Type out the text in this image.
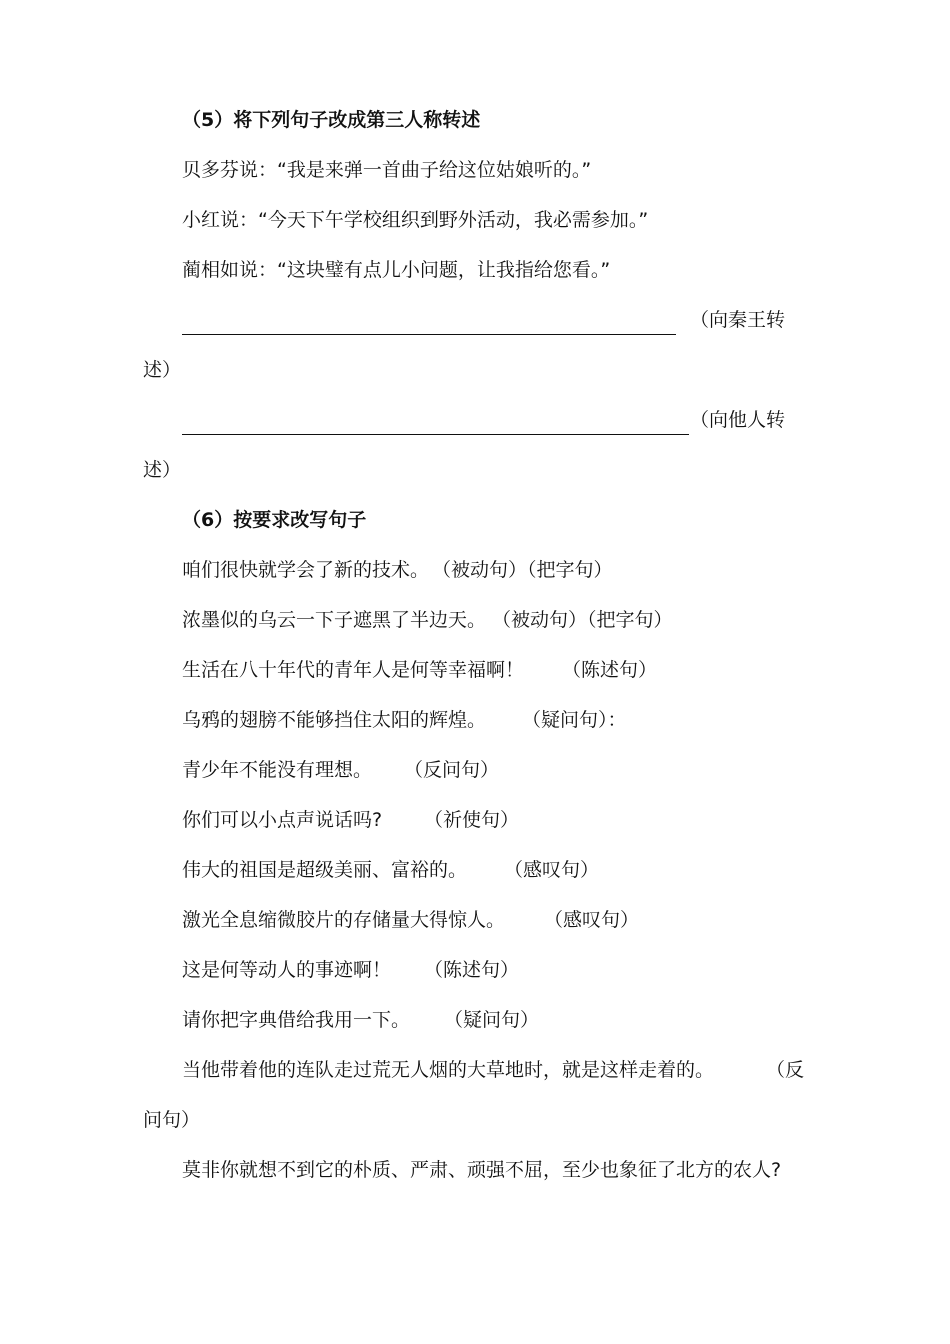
（5）将下列句子改成第三人称转述
贝多芬说：“我是来弹一首曲子给这位姑娘听的。”
小红说：“今天下午学校组织到野外活动，我必需参加。”
蔺相如说：“这块璧有点儿小问题，让我指给您看。”
（向秦王转
述）
（向他人转
述）
（6）按要求改写句子
咱们很快就学会了新的技术。 （被动句）（把字句）
浓墨似的乌云一下子遮黑了半边天。 （被动句）（把字句）
生活在八十年代的青年人是何等幸福啊！ （陈述句）
乌鸦的翅膀不能够挡住太阳的辉煌。 （疑问句）：
青少年不能没有理想。 （反问句）
你们可以小点声说话吗? （祈使句）
伟大的祖国是超级美丽、富裕的。 （感叹句）
激光全息缩微胶片的存储量大得惊人。 （感叹句）
这是何等动人的事迹啊！ （陈述句）
请你把字典借给我用一下。 （疑问句）
当他带着他的连队走过荒无人烟的大草地时，就是这样走着的。	（反
问句）
莫非你就想不到它的朴质、严肃、顽强不屈，至少也象征了北方的农人?
